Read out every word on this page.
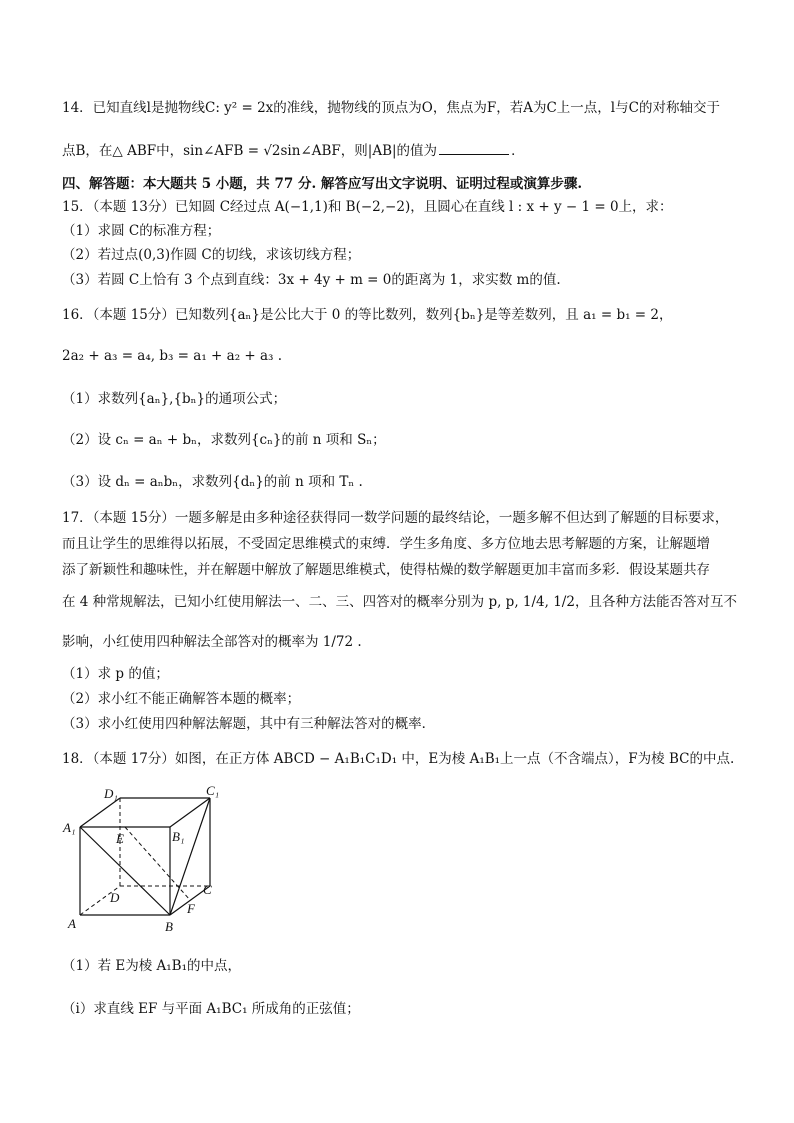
14．已知直线l是抛物线C: y² = 2x的准线，抛物线的顶点为O，焦点为F，若A为C上一点，l与C的对称轴交于
点B，在△ ABF中，sin∠AFB = √2sin∠ABF，则|AB|的值为	．
四、解答题：本大题共 5 小题，共 77 分. 解答应写出文字说明、证明过程或演算步骤.
15．（本题 13分）已知圆 C经过点 A(−1,1)和 B(−2,−2)，且圆心在直线 l : x + y − 1 = 0上，求：
（1）求圆 C的标准方程；
（2）若过点(0,3)作圆 C的切线，求该切线方程；
（3）若圆 C上恰有 3 个点到直线：3x + 4y + m = 0的距离为 1，求实数 m的值.
16．（本题 15分）已知数列{aₙ}是公比大于 0 的等比数列，数列{bₙ}是等差数列，且 a₁ = b₁ = 2，
2a₂ + a₃ = a₄, b₃ = a₁ + a₂ + a₃ .
（1）求数列{aₙ},{bₙ}的通项公式；
（2）设 cₙ = aₙ + bₙ，求数列{cₙ}的前 n 项和 Sₙ；
（3）设 dₙ = aₙbₙ，求数列{dₙ}的前 n 项和 Tₙ .
17．（本题 15分）一题多解是由多种途径获得同一数学问题的最终结论，一题多解不但达到了解题的目标要求，
而且让学生的思维得以拓展，不受固定思维模式的束缚．学生多角度、多方位地去思考解题的方案，让解题增
添了新颖性和趣味性，并在解题中解放了解题思维模式，使得枯燥的数学解题更加丰富而多彩．假设某题共存
在 4 种常规解法，已知小红使用解法一、二、三、四答对的概率分别为 p, p, 1/4, 1/2，且各种方法能否答对互不
影响，小红使用四种解法全部答对的概率为 1/72 .
（1）求 p 的值；
（2）求小红不能正确解答本题的概率；
（3）求小红使用四种解法解题，其中有三种解法答对的概率．
18．（本题 17分）如图，在正方体 ABCD − A₁B₁C₁D₁ 中，E为棱 A₁B₁上一点（不含端点），F为棱 BC的中点.
D₁	C₁
A₁
E	B₁
D
C
F
A	B
（1）若 E为棱 A₁B₁的中点，
（i）求直线 EF 与平面 A₁BC₁ 所成角的正弦值；
